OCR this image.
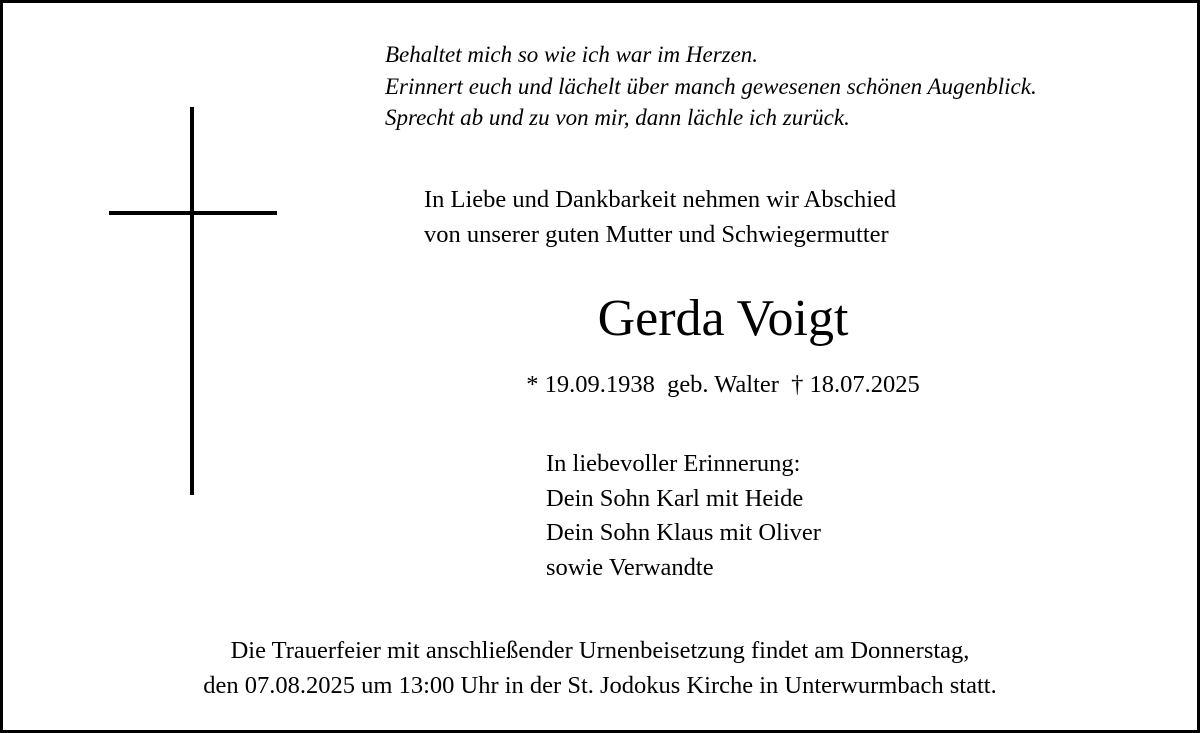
Behaltet mich so wie ich war im Herzen.
Erinnert euch und lächelt über manch gewesenen schönen Augenblick.
Sprecht ab und zu von mir, dann lächle ich zurück.
In Liebe und Dankbarkeit nehmen wir Abschied
von unserer guten Mutter und Schwiegermutter
Gerda Voigt
* 19.09.1938  geb. Walter  † 18.07.2025
In liebevoller Erinnerung:
Dein Sohn Karl mit Heide
Dein Sohn Klaus mit Oliver
sowie Verwandte
Die Trauerfeier mit anschließender Urnenbeisetzung findet am Donnerstag,
den 07.08.2025 um 13:00 Uhr in der St. Jodokus Kirche in Unterwurmbach statt.
